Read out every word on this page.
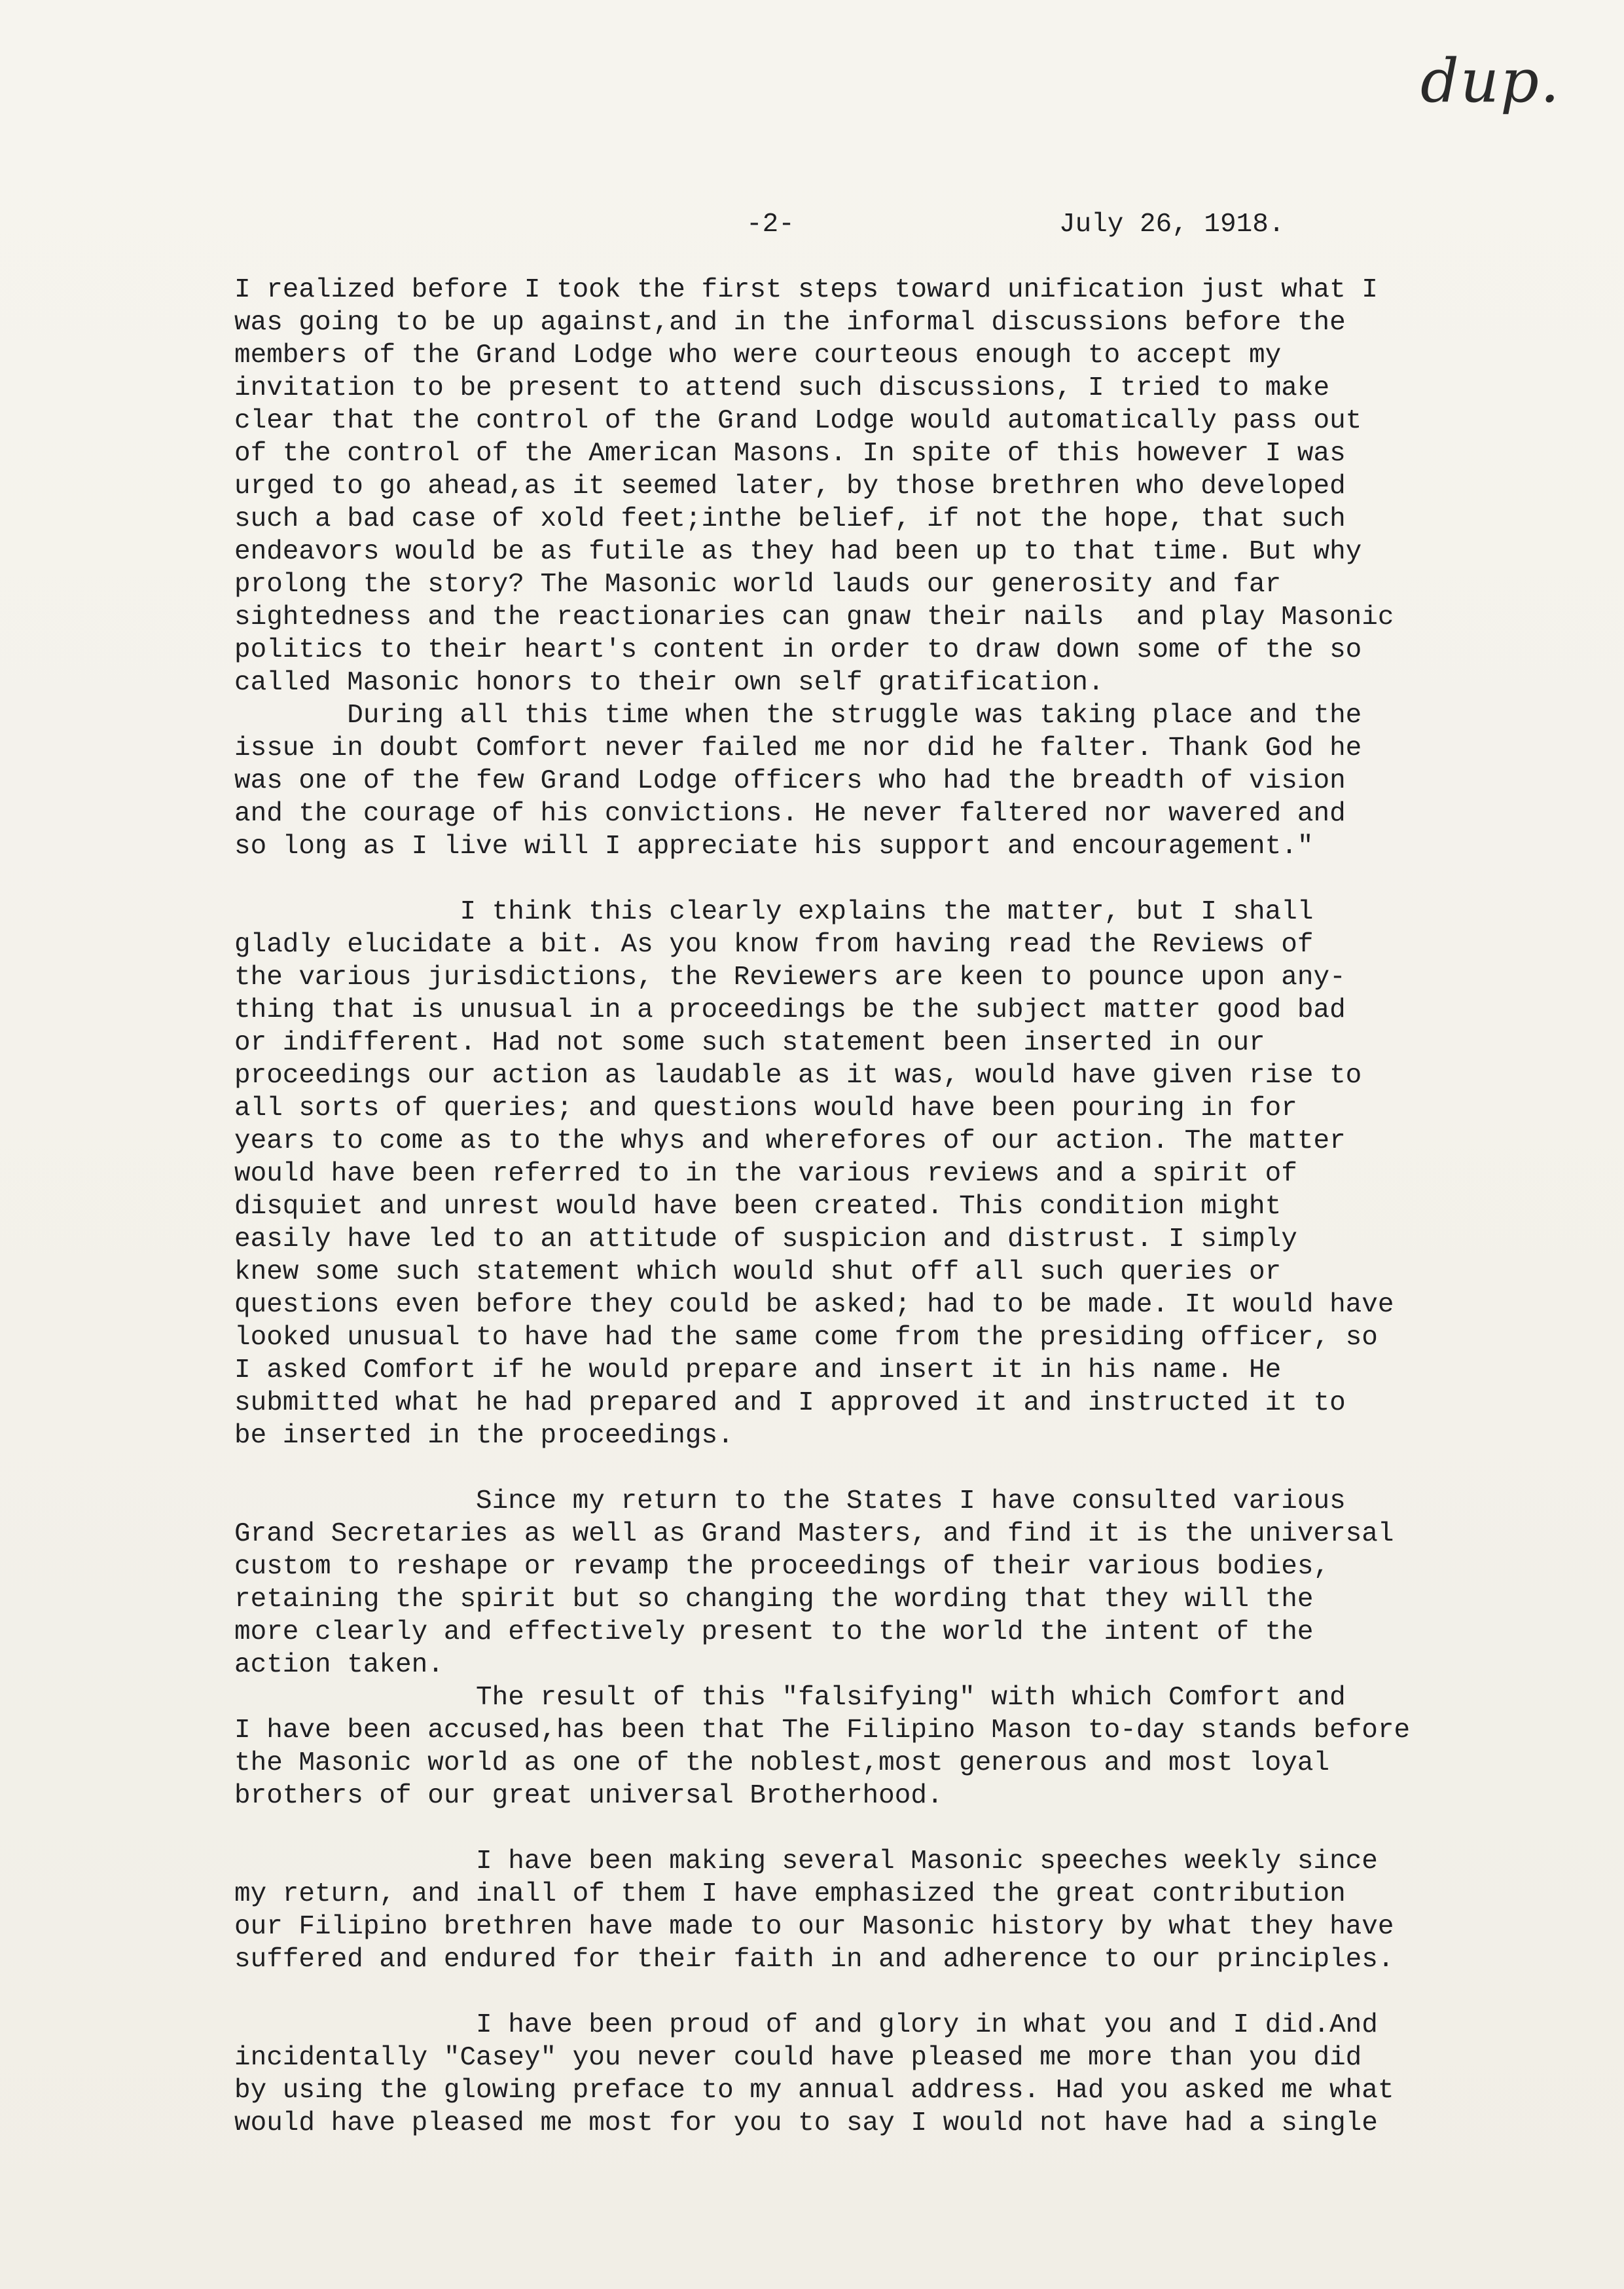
dup.
-2-	July 26, 1918.
I realized before I took the first steps toward unification just what I
was going to be up against,and in the informal discussions before the
members of the Grand Lodge who were courteous enough to accept my
invitation to be present to attend such discussions, I tried to make
clear that the control of the Grand Lodge would automatically pass out
of the control of the American Masons. In spite of this however I was
urged to go ahead,as it seemed later, by those brethren who developed
such a bad case of xold feet;inthe belief, if not the hope, that such
endeavors would be as futile as they had been up to that time. But why
prolong the story? The Masonic world lauds our generosity and far
sightedness and the reactionaries can gnaw their nails  and play Masonic
politics to their heart's content in order to draw down some of the so
called Masonic honors to their own self gratification.
During all this time when the struggle was taking place and the
issue in doubt Comfort never failed me nor did he falter. Thank God he
was one of the few Grand Lodge officers who had the breadth of vision
and the courage of his convictions. He never faltered nor wavered and
so long as I live will I appreciate his support and encouragement."
I think this clearly explains the matter, but I shall
gladly elucidate a bit. As you know from having read the Reviews of
the various jurisdictions, the Reviewers are keen to pounce upon any-
thing that is unusual in a proceedings be the subject matter good bad
or indifferent. Had not some such statement been inserted in our
proceedings our action as laudable as it was, would have given rise to
all sorts of queries; and questions would have been pouring in for
years to come as to the whys and wherefores of our action. The matter
would have been referred to in the various reviews and a spirit of
disquiet and unrest would have been created. This condition might
easily have led to an attitude of suspicion and distrust. I simply
knew some such statement which would shut off all such queries or
questions even before they could be asked; had to be made. It would have
looked unusual to have had the same come from the presiding officer, so
I asked Comfort if he would prepare and insert it in his name. He
submitted what he had prepared and I approved it and instructed it to
be inserted in the proceedings.
Since my return to the States I have consulted various
Grand Secretaries as well as Grand Masters, and find it is the universal
custom to reshape or revamp the proceedings of their various bodies,
retaining the spirit but so changing the wording that they will the
more clearly and effectively present to the world the intent of the
action taken.
The result of this "falsifying" with which Comfort and
I have been accused,has been that The Filipino Mason to-day stands before
the Masonic world as one of the noblest,most generous and most loyal
brothers of our great universal Brotherhood.
I have been making several Masonic speeches weekly since
my return, and inall of them I have emphasized the great contribution
our Filipino brethren have made to our Masonic history by what they have
suffered and endured for their faith in and adherence to our principles.
I have been proud of and glory in what you and I did.And
incidentally "Casey" you never could have pleased me more than you did
by using the glowing preface to my annual address. Had you asked me what
would have pleased me most for you to say I would not have had a single
